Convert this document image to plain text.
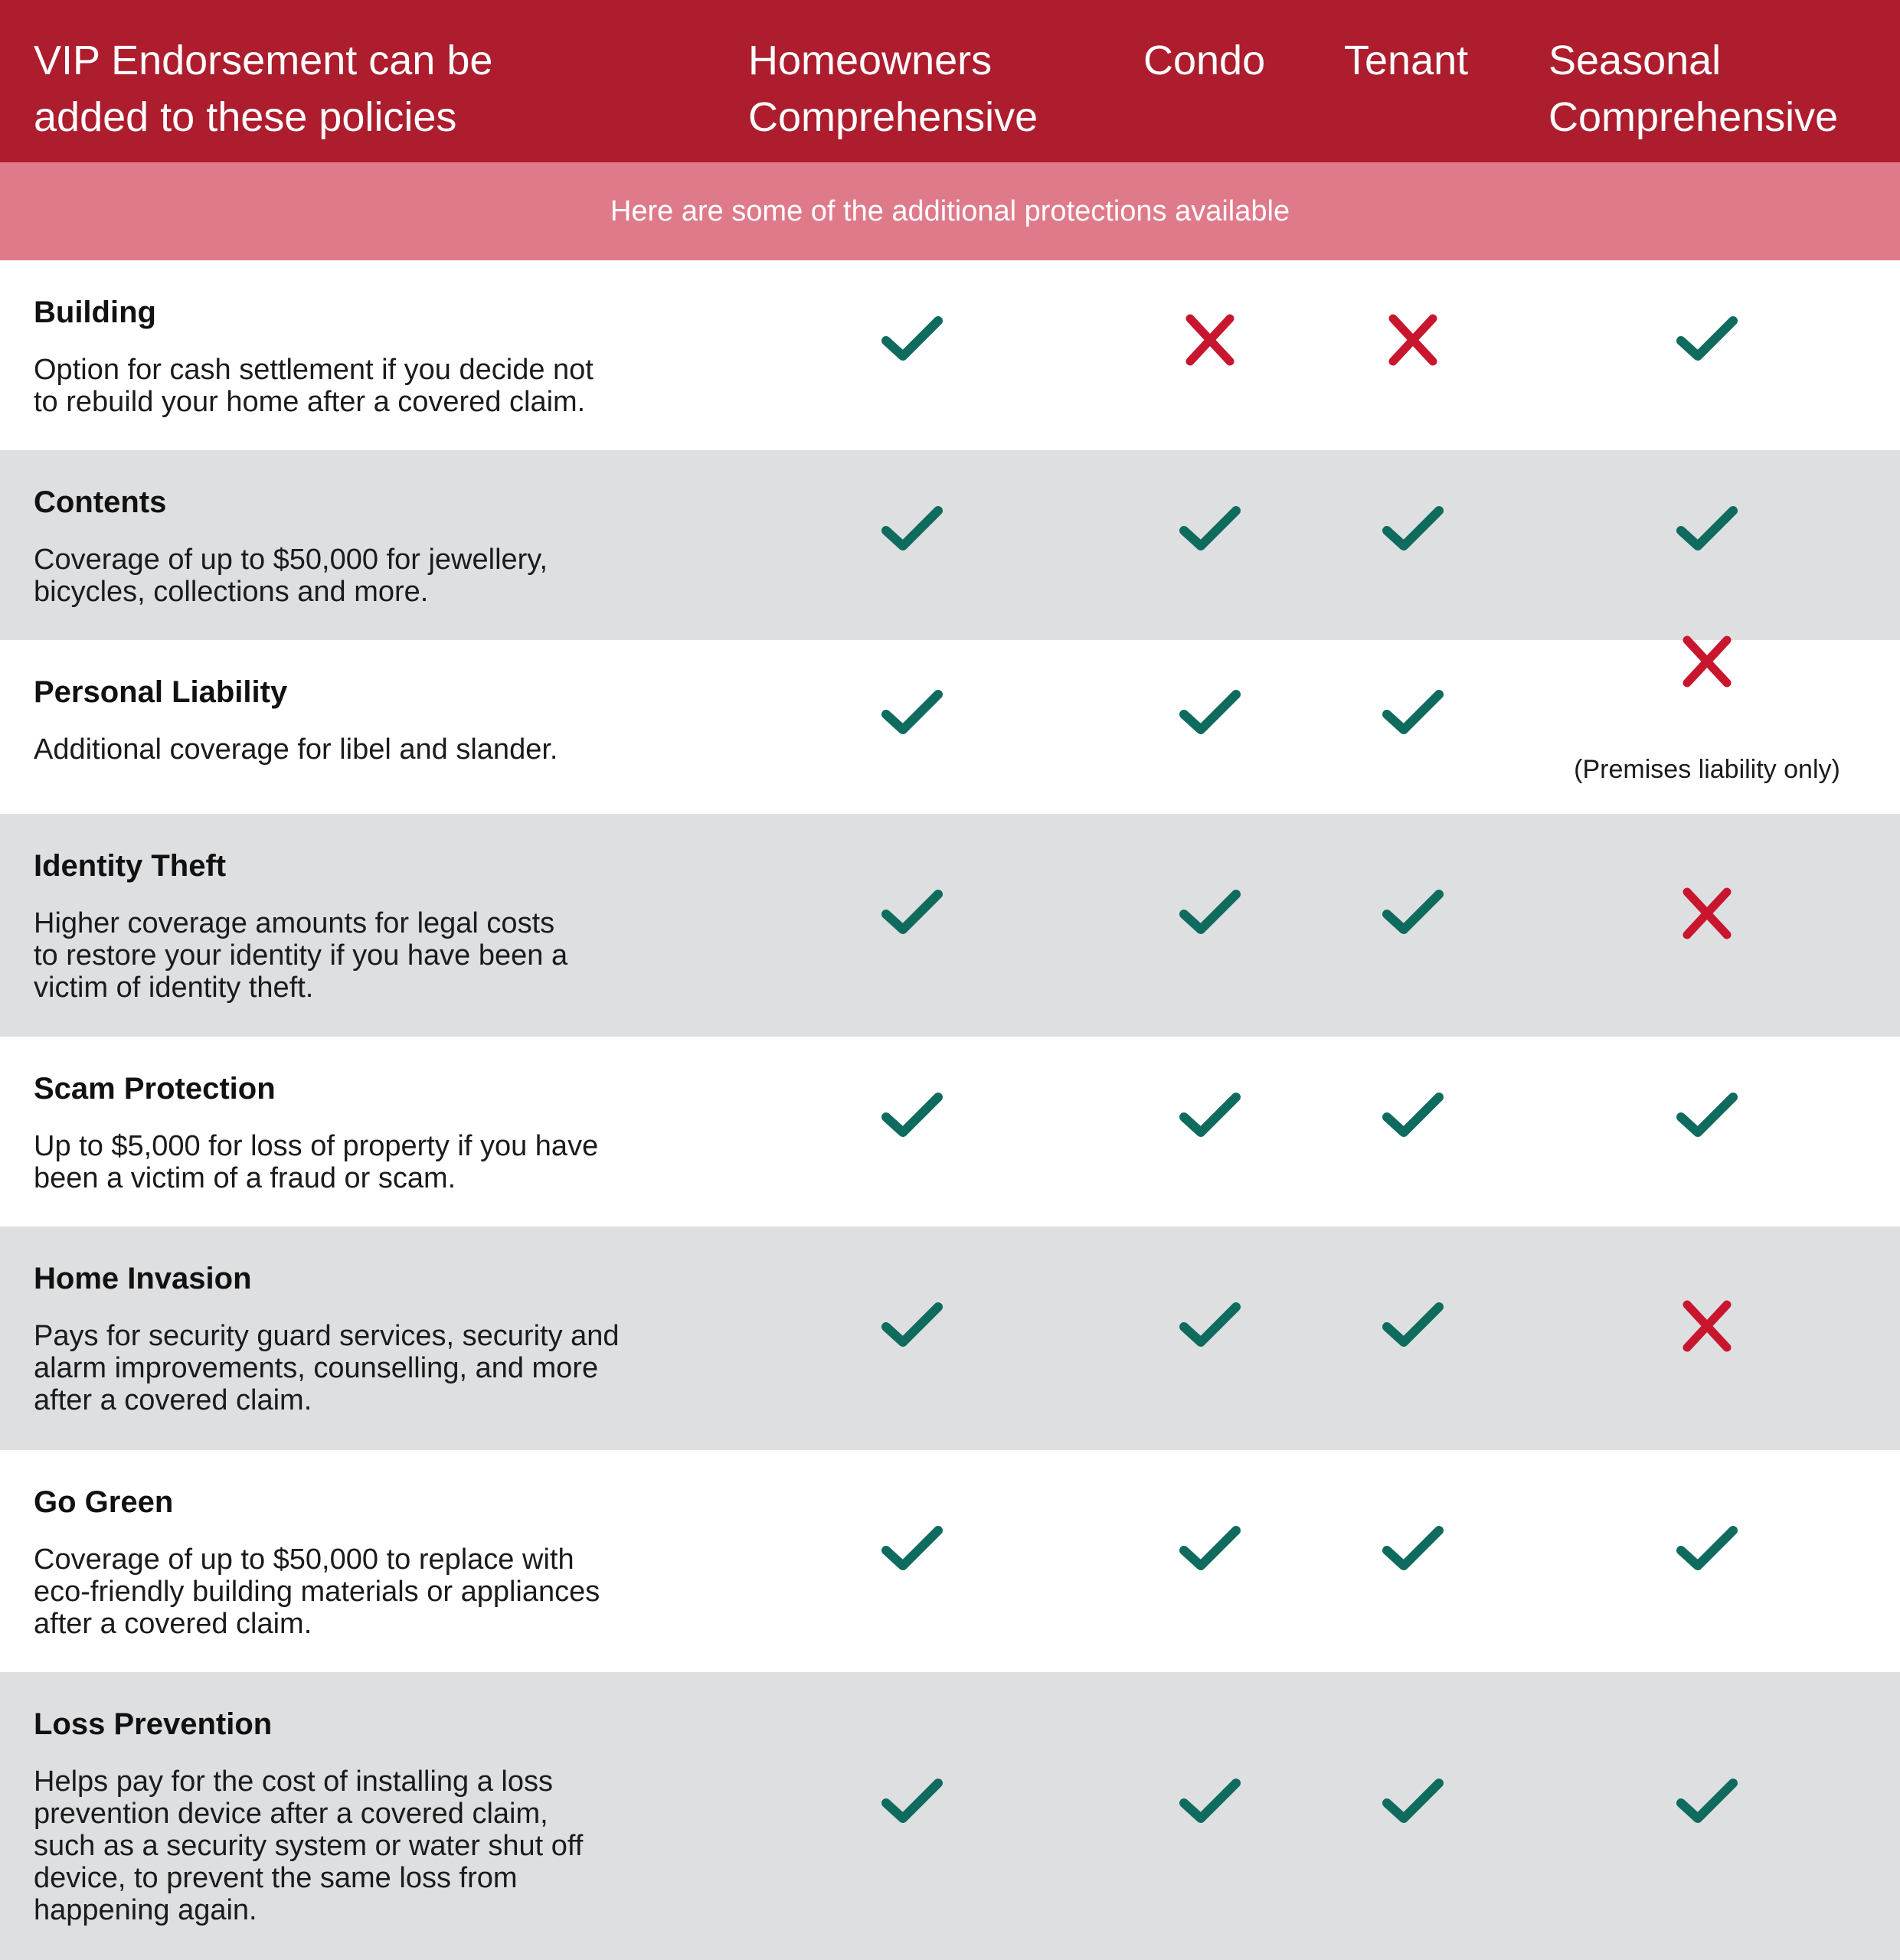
VIP Endorsement can be
added to these policies
Homeowners
Comprehensive
Condo	Tenant	Seasonal
Comprehensive
Here are some of the additional protections available
Building
Option for cash settlement if you decide not
to rebuild your home after a covered claim.
Contents
Coverage of up to $50,000 for jewellery,
bicycles, collections and more.
Personal Liability
Additional coverage for libel and slander.
(Premises liability only)
Identity Theft
Higher coverage amounts for legal costs
to restore your identity if you have been a
victim of identity theft.
Scam Protection
Up to $5,000 for loss of property if you have
been a victim of a fraud or scam.
Home Invasion
Pays for security guard services, security and
alarm improvements, counselling, and more
after a covered claim.
Go Green
Coverage of up to $50,000 to replace with
eco-friendly building materials or appliances
after a covered claim.
Loss Prevention
Helps pay for the cost of installing a loss
prevention device after a covered claim,
such as a security system or water shut off
device, to prevent the same loss from
happening again.
